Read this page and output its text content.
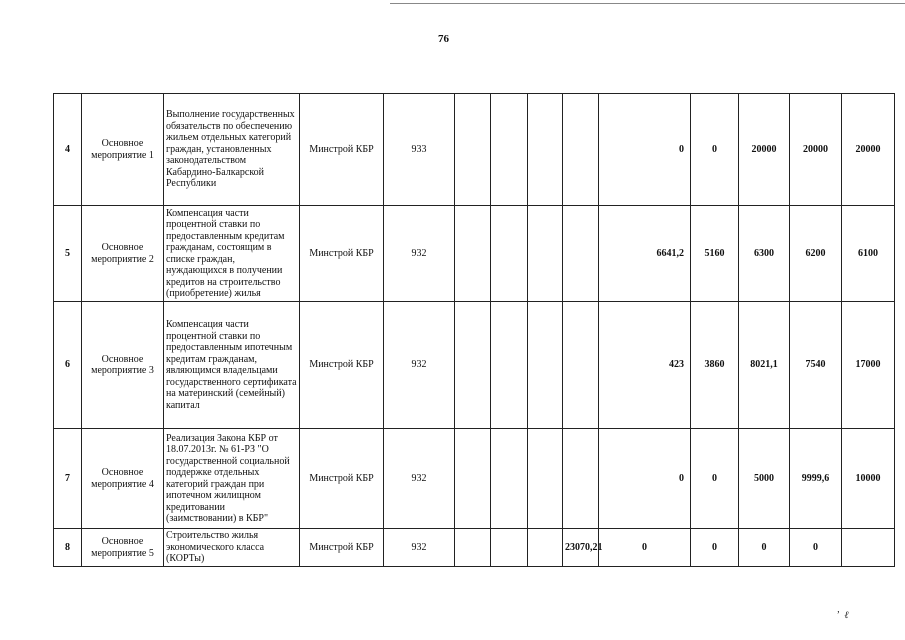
76
4	Основное мероприятие 1	Выполнение государственных обязательств по обеспечению жильем отдельных категорий граждан, установленных законодательством Кабардино-Балкарской Республики	Минстрой КБР	933					0	0	20000	20000	20000
5	Основное мероприятие 2	Компенсация части процентной ставки по предоставленным кредитам гражданам, состоящим в списке граждан, нуждающихся в получении кредитов на строительство (приобретение) жилья	Минстрой КБР	932					6641,2	5160	6300	6200	6100
6	Основное мероприятие 3	Компенсация части процентной ставки по предоставленным ипотечным кредитам гражданам, являющимся владельцами государственного сертификата на материнский (семейный) капитал	Минстрой КБР	932					423	3860	8021,1	7540	17000
7	Основное мероприятие 4	Реализация Закона КБР от 18.07.2013г. № 61-РЗ "О государственной социальной поддержке отдельных категорий граждан при ипотечном жилищном кредитовании (заимствовании) в КБР"	Минстрой КБР	932					0	0	5000	9999,6	10000
8	Основное мероприятие 5	Строительство жилья экономического класса (КОРТы)	Минстрой КБР	932				23070,21	0	0	0	0	
ʼ  ℓ
